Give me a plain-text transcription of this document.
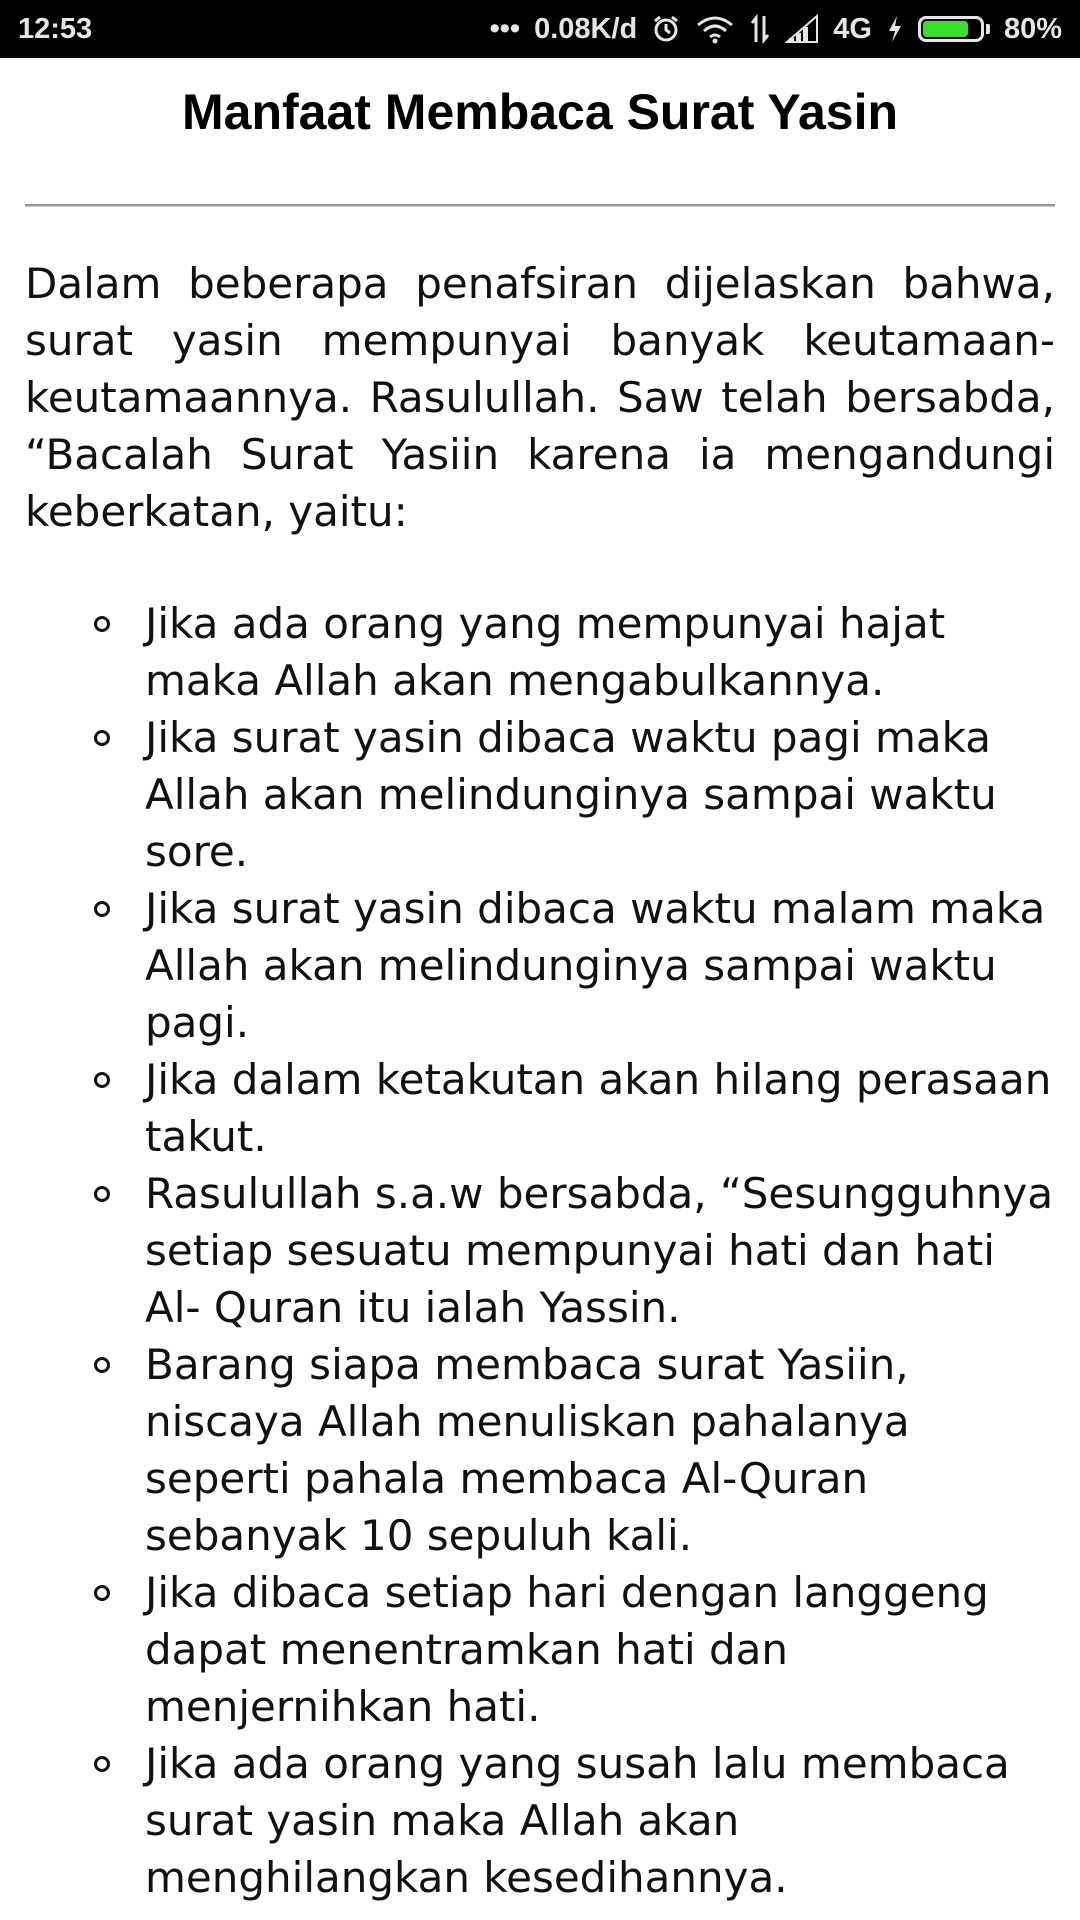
12:53	••• 0.08K/d	4G	80%
Manfaat Membaca Surat Yasin

Dalam beberapa penafsiran dijelaskan bahwa, surat yasin mempunyai banyak keutamaan-keutamaannya. Rasulullah. Saw telah bersabda, “Bacalah Surat Yasiin karena ia mengandungi keberkatan, yaitu:

Jika ada orang yang mempunyai hajat maka Allah akan mengabulkannya.
Jika surat yasin dibaca waktu pagi maka Allah akan melindunginya sampai waktu sore.
Jika surat yasin dibaca waktu malam maka Allah akan melindunginya sampai waktu pagi.
Jika dalam ketakutan akan hilang perasaan takut.
Rasulullah s.a.w bersabda, “Sesungguhnya setiap sesuatu mempunyai hati dan hati Al- Quran itu ialah Yassin.
Barang siapa membaca surat Yasiin, niscaya Allah menuliskan pahalanya seperti pahala membaca Al-Quran sebanyak 10 sepuluh kali.
Jika dibaca setiap hari dengan langgeng dapat menentramkan hati dan menjernihkan hati.
Jika ada orang yang susah lalu membaca surat yasin maka Allah akan menghilangkan kesedihannya.
